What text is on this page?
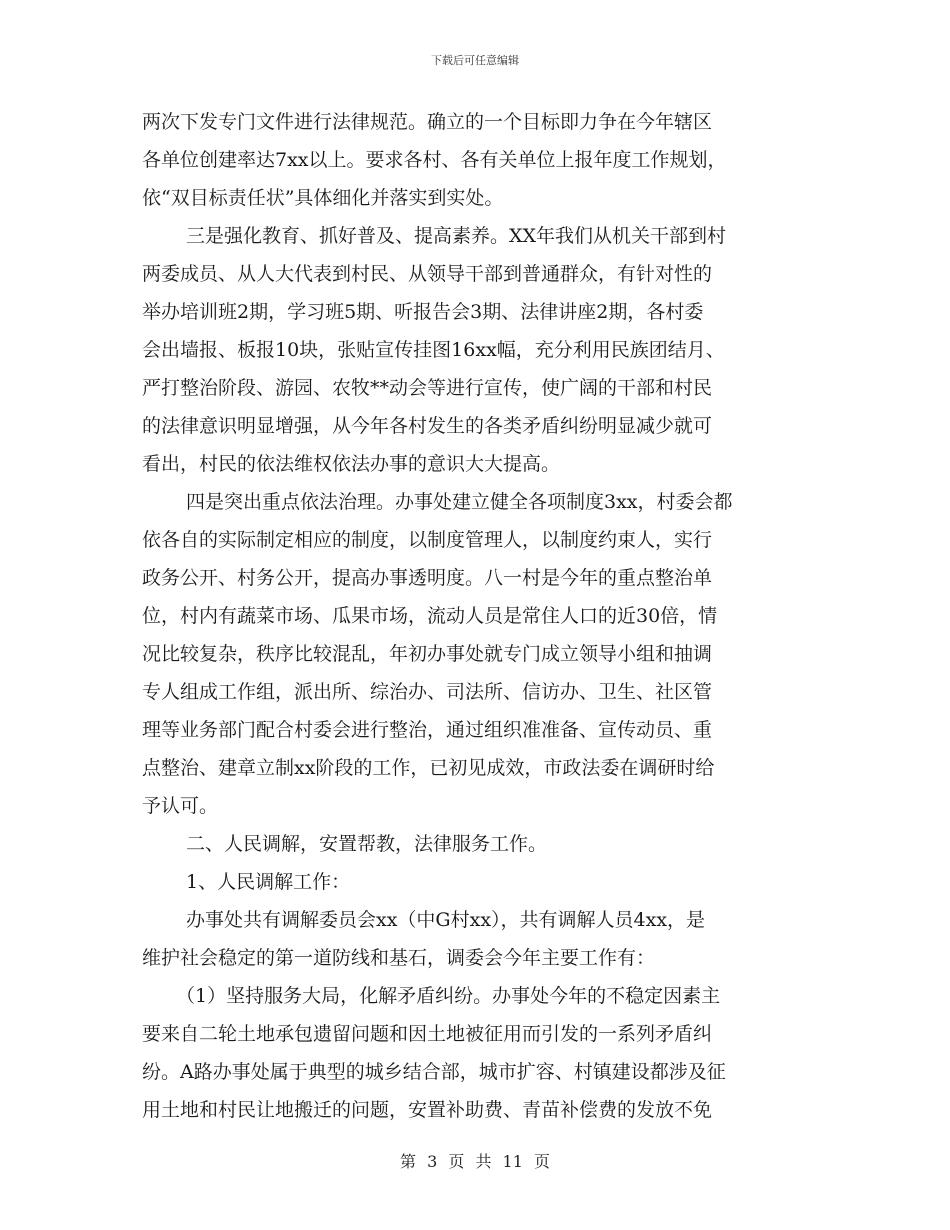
下载后可任意编辑
两次下发专门文件进行法律规范。确立的一个目标即力争在今年辖区
各单位创建率达7xx以上。要求各村、各有关单位上报年度工作规划，
依“双目标责任状”具体细化并落实到实处。
三是强化教育、抓好普及、提高素养。XX年我们从机关干部到村
两委成员、从人大代表到村民、从领导干部到普通群众，有针对性的
举办培训班2期，学习班5期、听报告会3期、法律讲座2期，各村委
会出墙报、板报10块，张贴宣传挂图16xx幅，充分利用民族团结月、
严打整治阶段、游园、农牧**动会等进行宣传，使广阔的干部和村民
的法律意识明显增强，从今年各村发生的各类矛盾纠纷明显减少就可
看出，村民的依法维权依法办事的意识大大提高。
四是突出重点依法治理。办事处建立健全各项制度3xx，村委会都
依各自的实际制定相应的制度，以制度管理人，以制度约束人，实行
政务公开、村务公开，提高办事透明度。八一村是今年的重点整治单
位，村内有蔬菜市场、瓜果市场，流动人员是常住人口的近30倍，情
况比较复杂，秩序比较混乱，年初办事处就专门成立领导小组和抽调
专人组成工作组，派出所、综治办、司法所、信访办、卫生、社区管
理等业务部门配合村委会进行整治，通过组织准准备、宣传动员、重
点整治、建章立制xx阶段的工作，已初见成效，市政法委在调研时给
予认可。
二、人民调解，安置帮教，法律服务工作。
1、人民调解工作：
办事处共有调解委员会xx（中G村xx），共有调解人员4xx，是
维护社会稳定的第一道防线和基石，调委会今年主要工作有：
（1）坚持服务大局，化解矛盾纠纷。办事处今年的不稳定因素主
要来自二轮土地承包遗留问题和因土地被征用而引发的一系列矛盾纠
纷。A路办事处属于典型的城乡结合部，城市扩容、村镇建设都涉及征
用土地和村民让地搬迁的问题，安置补助费、青苗补偿费的发放不免
第 3 页 共 11 页
